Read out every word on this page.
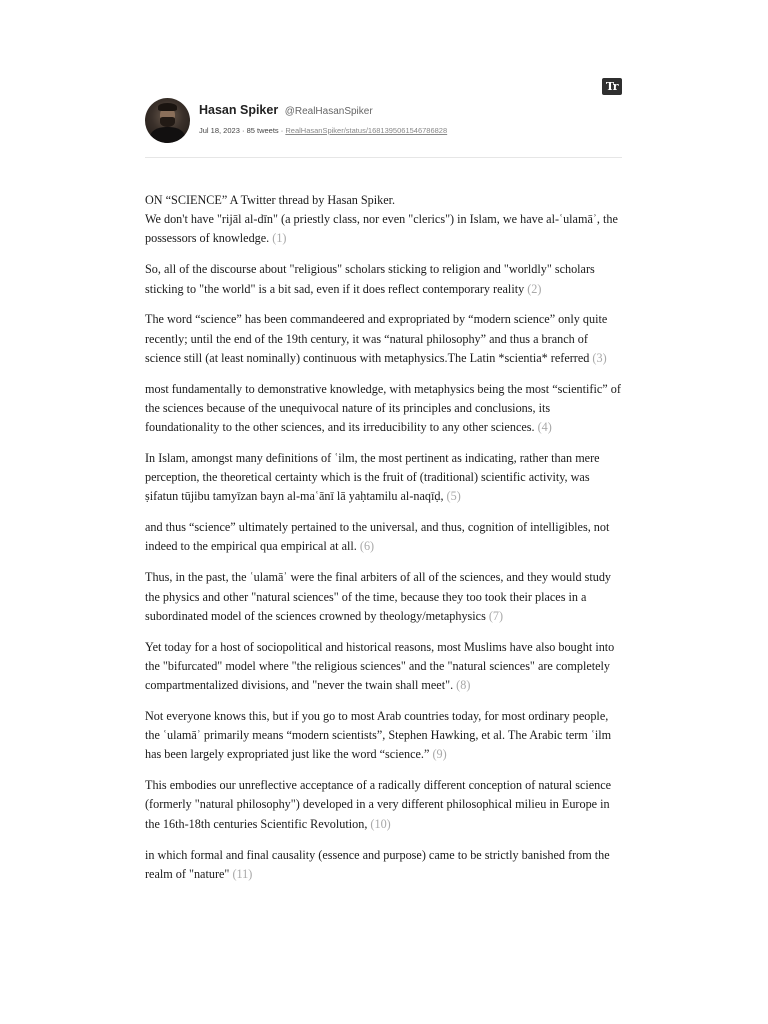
Tr
Hasan Spiker @RealHasanSpiker
Jul 18, 2023 · 85 tweets · RealHasanSpiker/status/1681395061546786828

ON “SCIENCE” A Twitter thread by Hasan Spiker.
We don't have "rijāl al-dīn" (a priestly class, nor even "clerics") in Islam, we have al-ʿulamāʾ, the possessors of knowledge. (1)

So, all of the discourse about "religious" scholars sticking to religion and "worldly" scholars sticking to "the world" is a bit sad, even if it does reflect contemporary reality (2)

The word “science” has been commandeered and expropriated by “modern science” only quite recently; until the end of the 19th century, it was “natural philosophy” and thus a branch of science still (at least nominally) continuous with metaphysics.The Latin *scientia* referred (3)

most fundamentally to demonstrative knowledge, with metaphysics being the most “scientific” of the sciences because of the unequivocal nature of its principles and conclusions, its foundationality to the other sciences, and its irreducibility to any other sciences. (4)

In Islam, amongst many definitions of ʿilm, the most pertinent as indicating, rather than mere perception, the theoretical certainty which is the fruit of (traditional) scientific activity, was ṣifatun tūjibu tamyīzan bayn al-maʿānī lā yaḥtamilu al-naqīḍ, (5)

and thus “science” ultimately pertained to the universal, and thus, cognition of intelligibles, not indeed to the empirical qua empirical at all. (6)

Thus, in the past, the ʿulamāʾ were the final arbiters of all of the sciences, and they would study the physics and other "natural sciences" of the time, because they too took their places in a subordinated model of the sciences crowned by theology/metaphysics (7)

Yet today for a host of sociopolitical and historical reasons, most Muslims have also bought into the "bifurcated" model where "the religious sciences" and the "natural sciences" are completely compartmentalized divisions, and "never the twain shall meet". (8)

Not everyone knows this, but if you go to most Arab countries today, for most ordinary people, the ʿulamāʾ primarily means “modern scientists”, Stephen Hawking, et al. The Arabic term ʿilm has been largely expropriated just like the word “science.” (9)

This embodies our unreflective acceptance of a radically different conception of natural science (formerly "natural philosophy") developed in a very different philosophical milieu in Europe in the 16th-18th centuries Scientific Revolution, (10)

in which formal and final causality (essence and purpose) came to be strictly banished from the realm of "nature" (11)
